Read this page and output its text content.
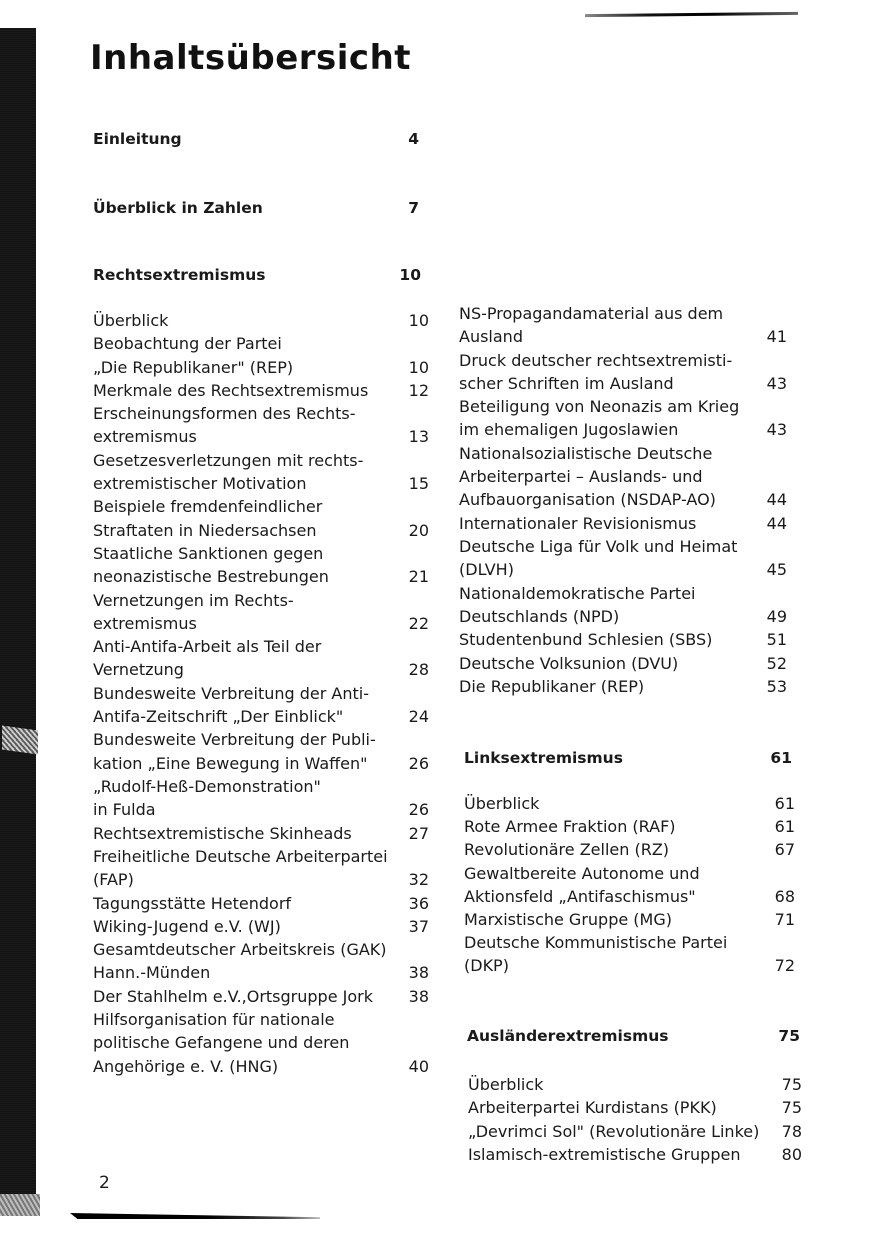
Inhaltsübersicht
Einleitung	4
Überblick in Zahlen	7
Rechtsextremismus	10
Überblick	10
Beobachtung der Partei
„Die Republikaner" (REP)	10
Merkmale des Rechtsextremismus	12
Erscheinungsformen des Rechts-
extremismus	13
Gesetzesverletzungen mit rechts-
extremistischer Motivation	15
Beispiele fremdenfeindlicher
Straftaten in Niedersachsen	20
Staatliche Sanktionen gegen
neonazistische Bestrebungen	21
Vernetzungen im Rechts-
extremismus	22
Anti-Antifa-Arbeit als Teil der
Vernetzung	28
Bundesweite Verbreitung der Anti-
Antifa-Zeitschrift „Der Einblick"	24
Bundesweite Verbreitung der Publi-
kation „Eine Bewegung in Waffen"	26
„Rudolf-Heß-Demonstration"
in Fulda	26
Rechtsextremistische Skinheads	27
Freiheitliche Deutsche Arbeiterpartei
(FAP)	32
Tagungsstätte Hetendorf	36
Wiking-Jugend e.V. (WJ)	37
Gesamtdeutscher Arbeitskreis (GAK)
Hann.-Münden	38
Der Stahlhelm e.V.,Ortsgruppe Jork	38
Hilfsorganisation für nationale
politische Gefangene und deren
Angehörige e. V. (HNG)	40
NS-Propagandamaterial aus dem
Ausland	41
Druck deutscher rechtsextremisti-
scher Schriften im Ausland	43
Beteiligung von Neonazis am Krieg
im ehemaligen Jugoslawien	43
Nationalsozialistische Deutsche
Arbeiterpartei – Auslands- und
Aufbauorganisation (NSDAP-AO)	44
Internationaler Revisionismus	44
Deutsche Liga für Volk und Heimat
(DLVH)	45
Nationaldemokratische Partei
Deutschlands (NPD)	49
Studentenbund Schlesien (SBS)	51
Deutsche Volksunion (DVU)	52
Die Republikaner (REP)	53
Linksextremismus	61
Überblick	61
Rote Armee Fraktion (RAF)	61
Revolutionäre Zellen (RZ)	67
Gewaltbereite Autonome und
Aktionsfeld „Antifaschismus"	68
Marxistische Gruppe (MG)	71
Deutsche Kommunistische Partei
(DKP)	72
Ausländerextremismus	75
Überblick	75
Arbeiterpartei Kurdistans (PKK)	75
„Devrimci Sol" (Revolutionäre Linke)	78
Islamisch-extremistische Gruppen	80
2
